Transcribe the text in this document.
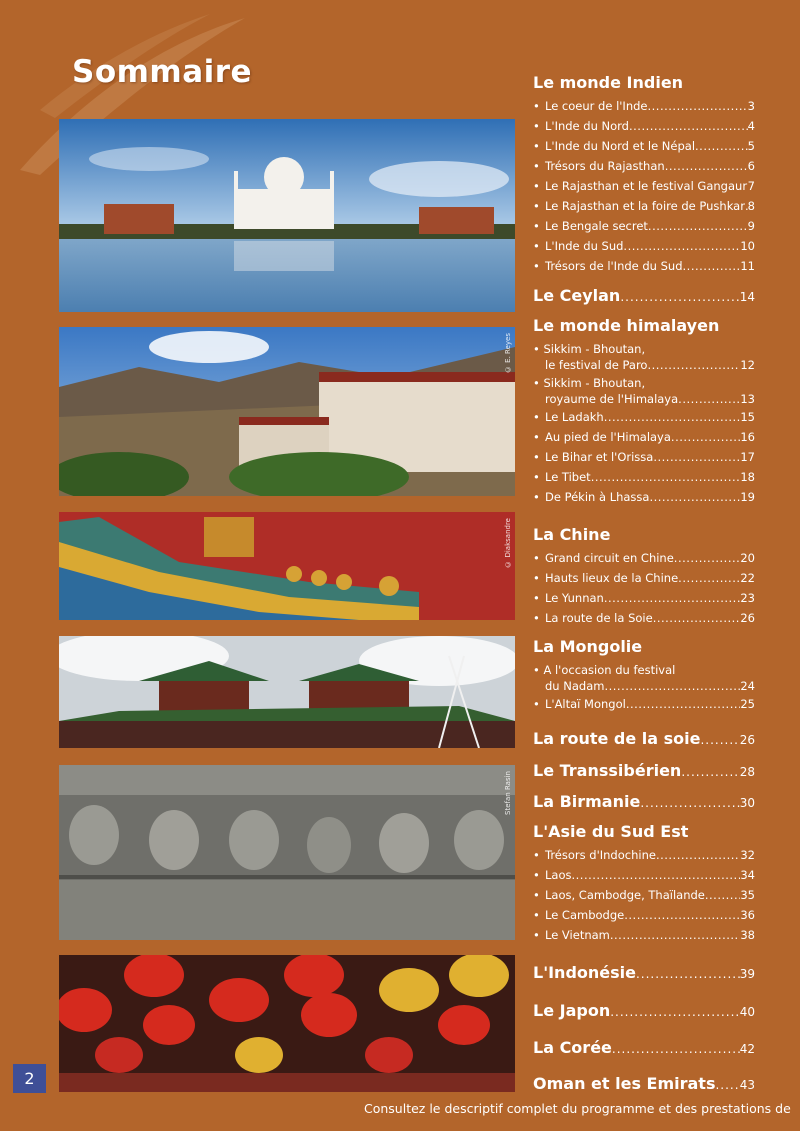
Sommaire
© E. Reyes
© Diaksandre
Stefan Rasin
Le monde Indien
• Le coeur de l'Inde .....	3
• L'Inde du Nord .....	4
• L'Inde du Nord et le Népal .....	5
• Trésors du Rajasthan .....	6
• Le Rajasthan et le festival Gangaur ..... 7
• Le Rajasthan et la foire de Pushkar ..... 8
• Le Bengale secret .....	9
• L'Inde du Sud .....	10
• Trésors de l'Inde du Sud .....	11
Le Ceylan .....	14
Le monde himalayen
• Sikkim - Bhoutan,
le festival de Paro .....	12
• Sikkim - Bhoutan,
royaume de l'Himalaya .....	13
• Le Ladakh .....	15
• Au pied de l'Himalaya .....	16
• Le Bihar et l'Orissa .....	17
• Le Tibet .....	18
• De Pékin à Lhassa .....	19
La Chine
• Grand circuit en Chine .....	20
• Hauts lieux de la Chine .....	22
• Le Yunnan .....	23
• La route de la Soie .....	26
La Mongolie
• A l'occasion du festival
du Nadam .....	24
• L'Altaï Mongol .....	25
La route de la soie .....	26
Le Transsibérien .....	28
La Birmanie .....	30
L'Asie du Sud Est
• Trésors d'Indochine .....	32
• Laos .....	34
• Laos, Cambodge, Thaïlande .....	35
• Le Cambodge .....	36
• Le Vietnam .....	38
L'Indonésie .....	39
Le Japon .....	40
La Corée .....	42
Oman et les Emirats ..... 43
2
Consultez le descriptif complet du programme et des prestations de
